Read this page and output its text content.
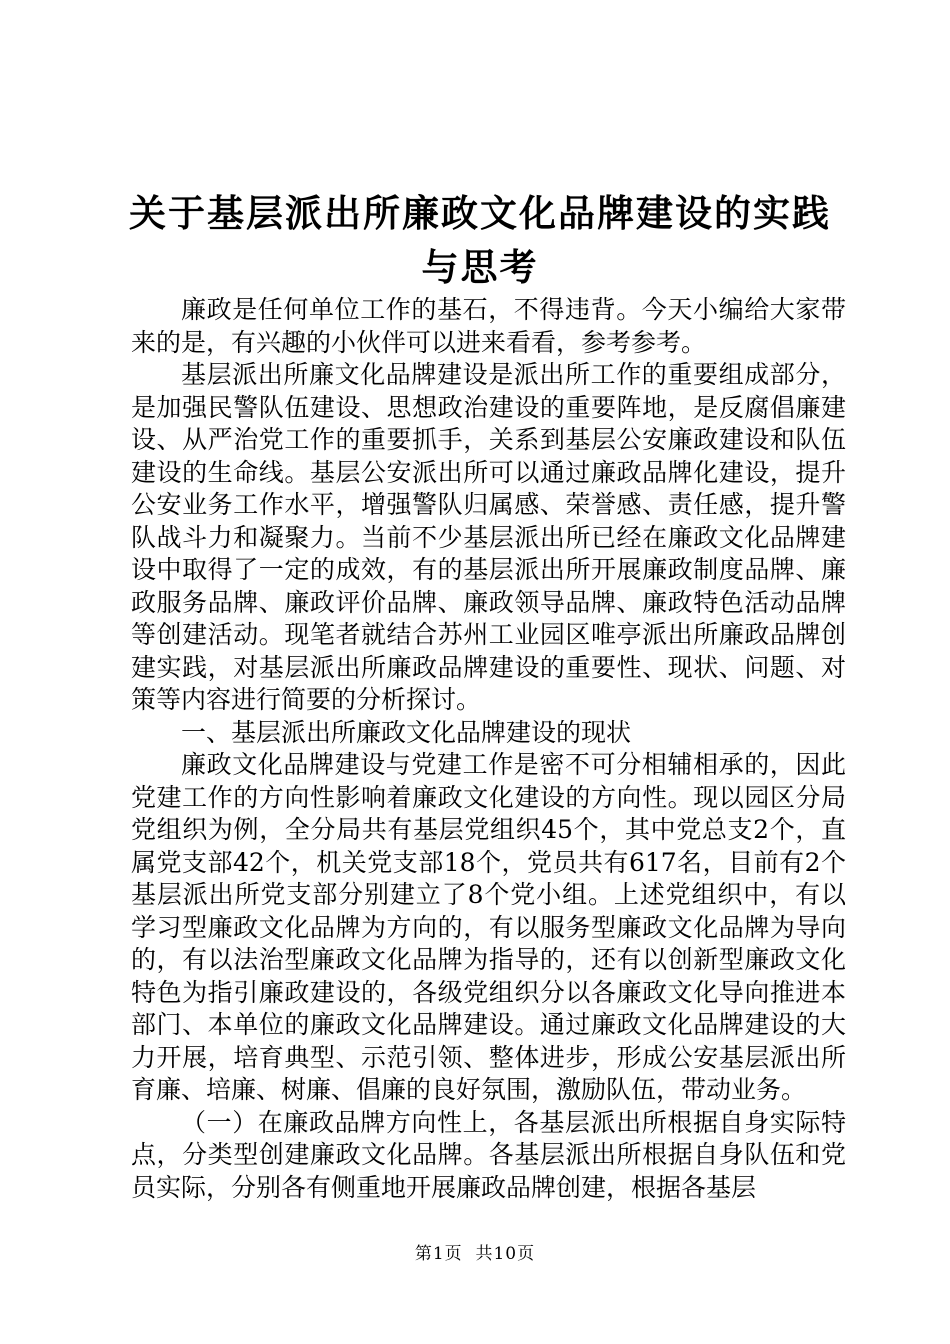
关于基层派出所廉政文化品牌建设的实践与思考

廉政是任何单位工作的基石，不得违背。今天小编给大家带来的是，有兴趣的小伙伴可以进来看看，参考参考。

基层派出所廉文化品牌建设是派出所工作的重要组成部分，是加强民警队伍建设、思想政治建设的重要阵地，是反腐倡廉建设、从严治党工作的重要抓手，关系到基层公安廉政建设和队伍建设的生命线。基层公安派出所可以通过廉政品牌化建设，提升公安业务工作水平，增强警队归属感、荣誉感、责任感，提升警队战斗力和凝聚力。当前不少基层派出所已经在廉政文化品牌建设中取得了一定的成效，有的基层派出所开展廉政制度品牌、廉政服务品牌、廉政评价品牌、廉政领导品牌、廉政特色活动品牌等创建活动。现笔者就结合苏州工业园区唯亭派出所廉政品牌创建实践，对基层派出所廉政品牌建设的重要性、现状、问题、对策等内容进行简要的分析探讨。

一、基层派出所廉政文化品牌建设的现状

廉政文化品牌建设与党建工作是密不可分相辅相承的，因此党建工作的方向性影响着廉政文化建设的方向性。现以园区分局党组织为例，全分局共有基层党组织45个，其中党总支2个，直属党支部42个，机关党支部18个，党员共有617名，目前有2个基层派出所党支部分别建立了8个党小组。上述党组织中，有以学习型廉政文化品牌为方向的，有以服务型廉政文化品牌为导向的，有以法治型廉政文化品牌为指导的，还有以创新型廉政文化特色为指引廉政建设的，各级党组织分以各廉政文化导向推进本部门、本单位的廉政文化品牌建设。通过廉政文化品牌建设的大力开展，培育典型、示范引领、整体进步，形成公安基层派出所育廉、培廉、树廉、倡廉的良好氛围，激励队伍，带动业务。

（一）在廉政品牌方向性上，各基层派出所根据自身实际特点，分类型创建廉政文化品牌。各基层派出所根据自身队伍和党员实际，分别各有侧重地开展廉政品牌创建，根据各基层

第1页  共10页
